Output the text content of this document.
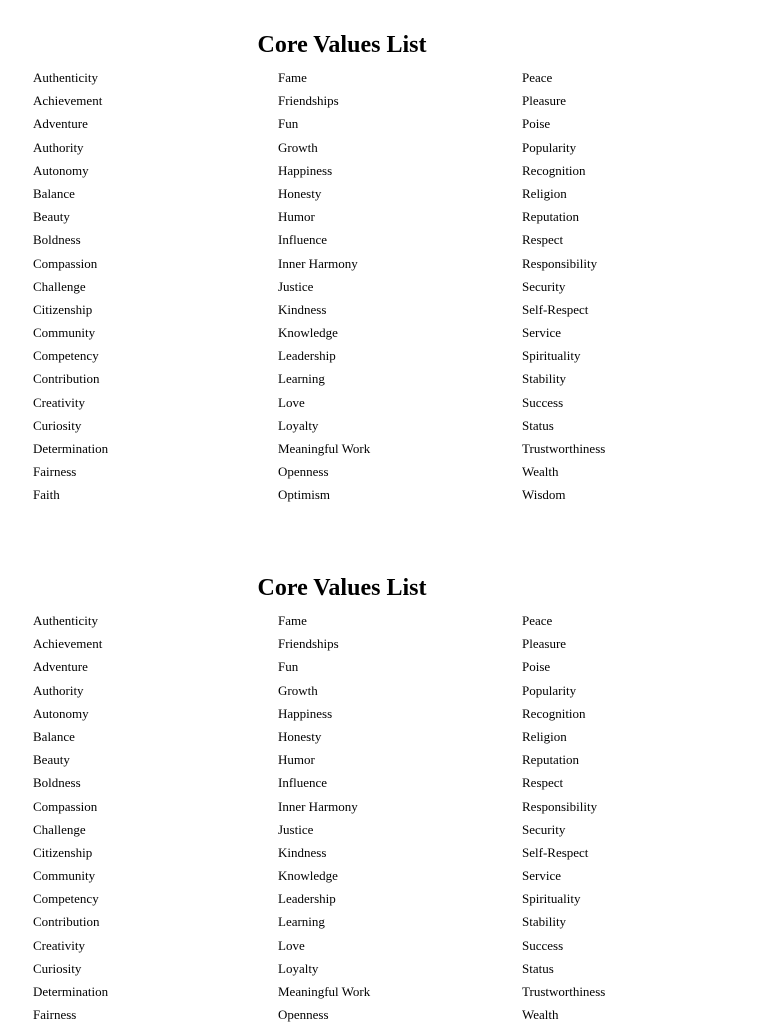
Core Values List
Authenticity
Achievement
Adventure
Authority
Autonomy
Balance
Beauty
Boldness
Compassion
Challenge
Citizenship
Community
Competency
Contribution
Creativity
Curiosity
Determination
Fairness
Faith
Fame
Friendships
Fun
Growth
Happiness
Honesty
Humor
Influence
Inner Harmony
Justice
Kindness
Knowledge
Leadership
Learning
Love
Loyalty
Meaningful Work
Openness
Optimism
Peace
Pleasure
Poise
Popularity
Recognition
Religion
Reputation
Respect
Responsibility
Security
Self-Respect
Service
Spirituality
Stability
Success
Status
Trustworthiness
Wealth
Wisdom
Core Values List
Authenticity
Achievement
Adventure
Authority
Autonomy
Balance
Beauty
Boldness
Compassion
Challenge
Citizenship
Community
Competency
Contribution
Creativity
Curiosity
Determination
Fairness
Fame
Friendships
Fun
Growth
Happiness
Honesty
Humor
Influence
Inner Harmony
Justice
Kindness
Knowledge
Leadership
Learning
Love
Loyalty
Meaningful Work
Openness
Peace
Pleasure
Poise
Popularity
Recognition
Religion
Reputation
Respect
Responsibility
Security
Self-Respect
Service
Spirituality
Stability
Success
Status
Trustworthiness
Wealth
